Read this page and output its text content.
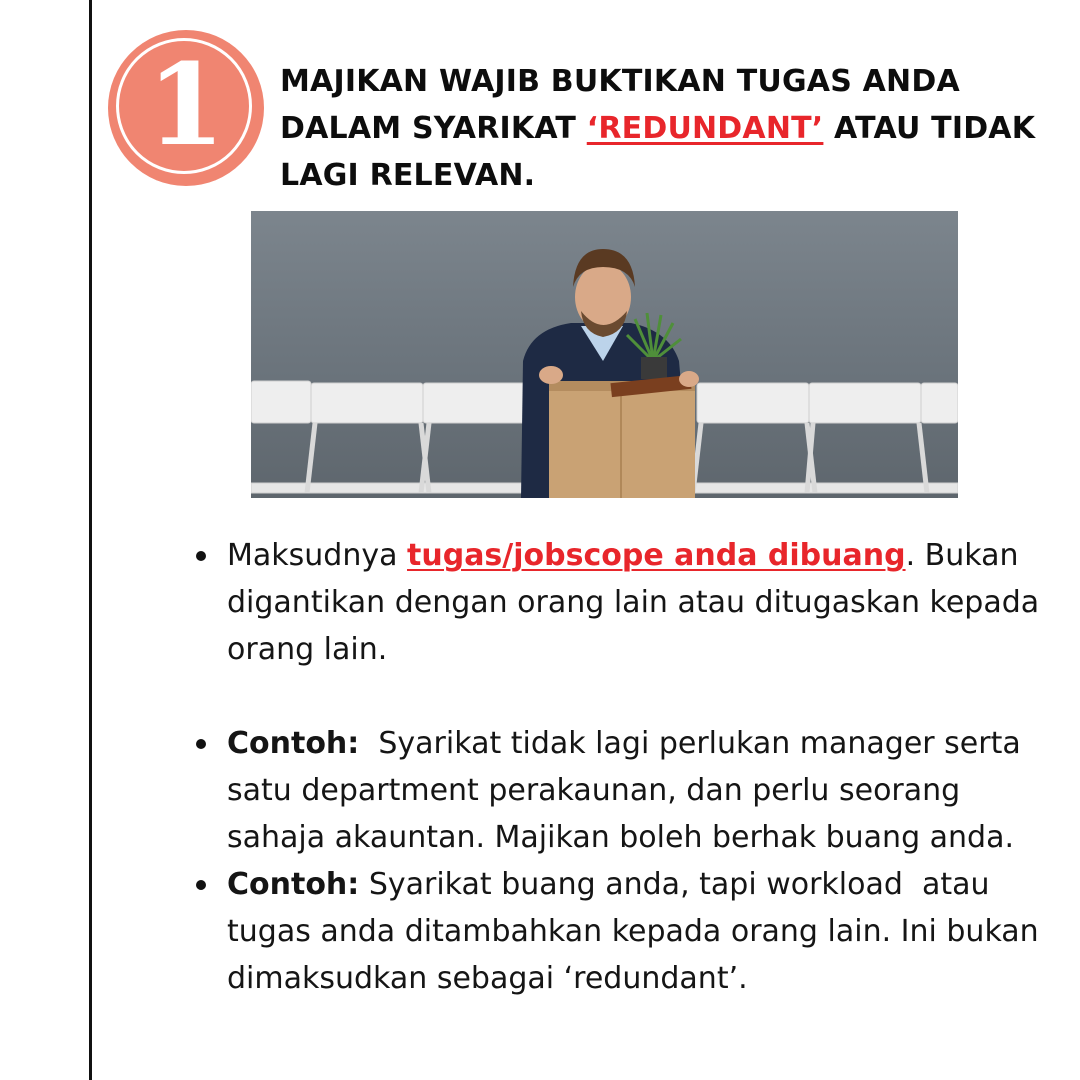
1	MAJIKAN WAJIB BUKTIKAN TUGAS ANDA DALAM SYARIKAT ‘REDUNDANT’ ATAU TIDAK LAGI RELEVAN.
Maksudnya tugas/jobscope anda dibuang. Bukan digantikan dengan orang lain atau ditugaskan kepada orang lain.
Contoh:  Syarikat tidak lagi perlukan manager serta satu department perakaunan, dan perlu seorang sahaja akauntan. Majikan boleh berhak buang anda.
Contoh: Syarikat buang anda, tapi workload  atau tugas anda ditambahkan kepada orang lain. Ini bukan dimaksudkan sebagai ‘redundant’.
